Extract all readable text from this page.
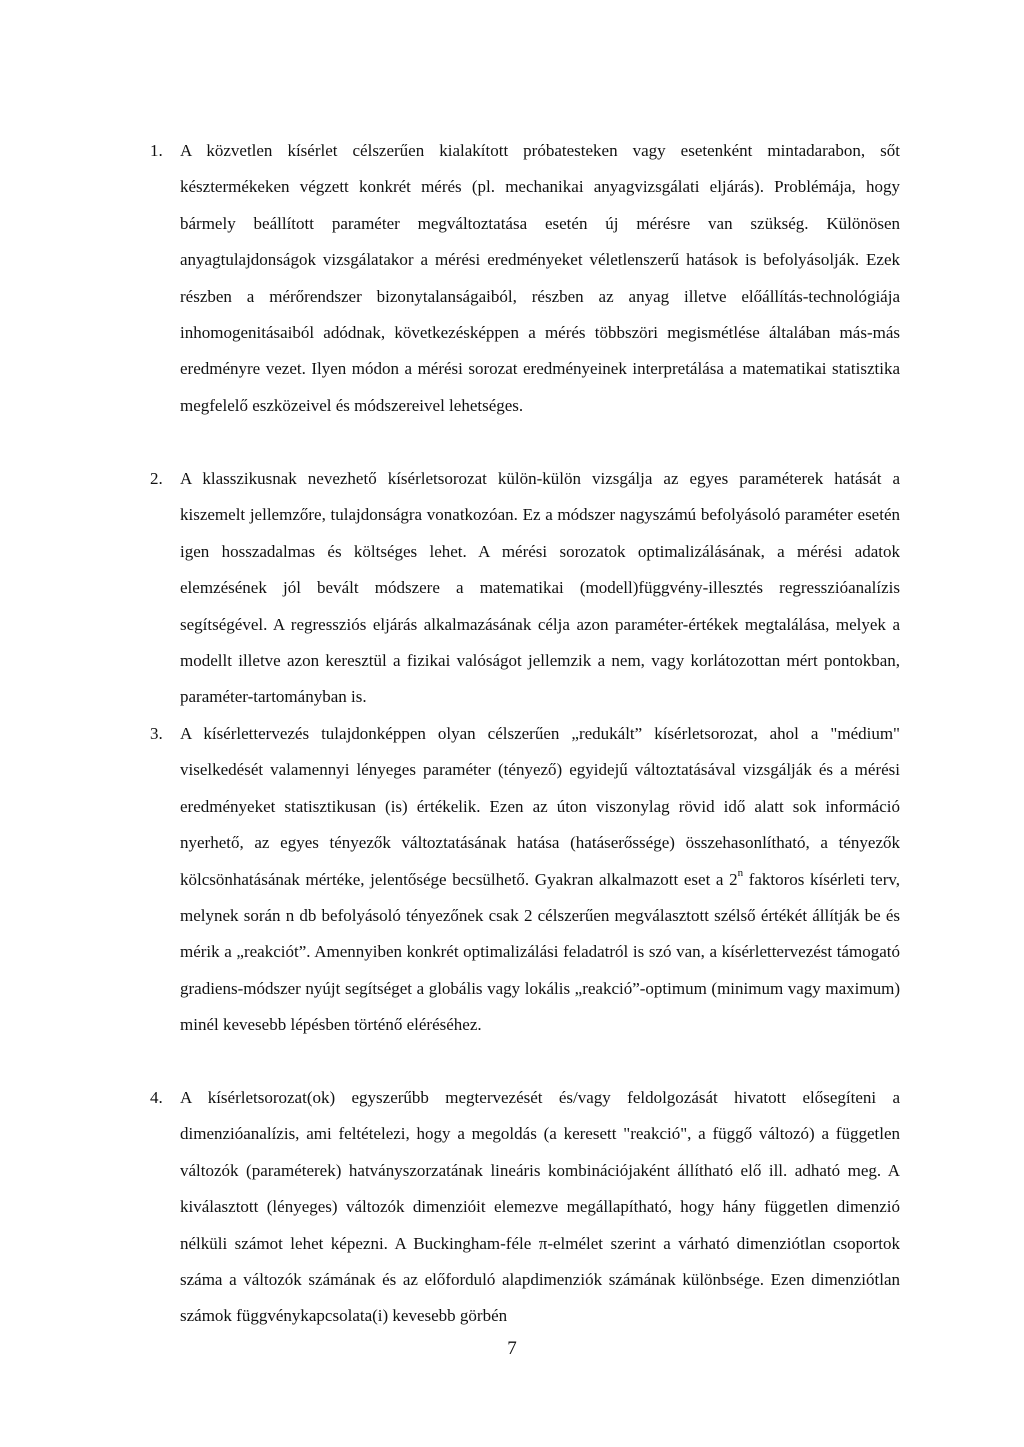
1. A közvetlen kísérlet célszerűen kialakított próbatesteken vagy esetenként mintadarabon, sőt késztermékeken végzett konkrét mérés (pl. mechanikai anyagvizsgálati eljárás). Problémája, hogy bármely beállított paraméter megváltoztatása esetén új mérésre van szükség. Különösen anyagtulajdonságok vizsgálatakor a mérési eredményeket véletlenszerű hatások is befolyásolják. Ezek részben a mérőrendszer bizonytalanságaiból, részben az anyag illetve előállítás-technológiája inhomogenitásaiból adódnak, következésképpen a mérés többszöri megismétlése általában más-más eredményre vezet. Ilyen módon a mérési sorozat eredményeinek interpretálása a matematikai statisztika megfelelő eszközeivel és módszereivel lehetséges.
2. A klasszikusnak nevezhető kísérletsorozat külön-külön vizsgálja az egyes paraméterek hatását a kiszemelt jellemzőre, tulajdonságra vonatkozóan. Ez a módszer nagyszámú befolyásoló paraméter esetén igen hosszadalmas és költséges lehet. A mérési sorozatok optimalizálásának, a mérési adatok elemzésének jól bevált módszere a matematikai (modell)függvény-illesztés regresszióanalízis segítségével. A regressziós eljárás alkalmazásának célja azon paraméter-értékek megtalálása, melyek a modellt illetve azon keresztül a fizikai valóságot jellemzik a nem, vagy korlátozottan mért pontokban, paraméter-tartományban is.
3. A kísérlettervezés tulajdonképpen olyan célszerűen „redukált” kísérletsorozat, ahol a "médium" viselkedését valamennyi lényeges paraméter (tényező) egyidejű változtatásával vizsgálják és a mérési eredményeket statisztikusan (is) értékelik. Ezen az úton viszonylag rövid idő alatt sok információ nyerhető, az egyes tényezők változtatásának hatása (hatáserőssége) összehasonlítható, a tényezők kölcsönhatásának mértéke, jelentősége becsülhető. Gyakran alkalmazott eset a 2$^n$ faktoros kísérleti terv, melynek során n db befolyásoló tényezőnek csak 2 célszerűen megválasztott szélső értékét állítják be és mérik a „reakciót”. Amennyiben konkrét optimalizálási feladatról is szó van, a kísérlettervezést támogató gradiens-módszer nyújt segítséget a globális vagy lokális „reakció”-optimum (minimum vagy maximum) minél kevesebb lépésben történő eléréséhez.
4. A kísérletsorozat(ok) egyszerűbb megtervezését és/vagy feldolgozását hivatott elősegíteni a dimenzióanalízis, ami feltételezi, hogy a megoldás (a keresett "reakció", a függő változó) a független változók (paraméterek) hatványszorzatának lineáris kombinációjaként állítható elő ill. adható meg. A kiválasztott (lényeges) változók dimenzióit elemezve megállapítható, hogy hány független dimenzió nélküli számot lehet képezni. A Buckingham-féle π-elmélet szerint a várható dimenziótlan csoportok száma a változók számának és az előforduló alapdimenziók számának különbsége. Ezen dimenziótlan számok függvénykapcsolata(i) kevesebb görbén
7
